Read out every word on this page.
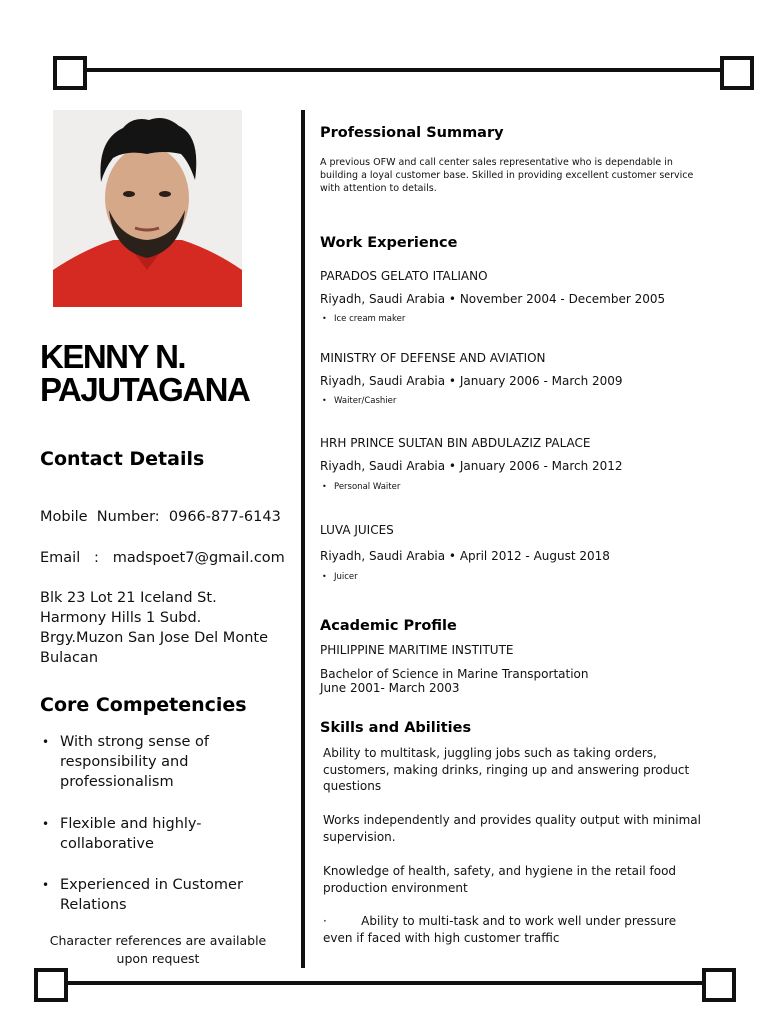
KENNY N.
PAJUTAGANA
Contact Details
Mobile  Number:  0966-877-6143
Email   :   madspoet7@gmail.com
Blk 23 Lot 21 Iceland St.
Harmony Hills 1 Subd.
Brgy.Muzon San Jose Del Monte
Bulacan
Core Competencies
• With strong sense of responsibility and professionalism
• Flexible and highly-collaborative
• Experienced in Customer Relations
Character references are available upon request
Professional Summary
A previous OFW and call center sales representative who is dependable in building a loyal customer base. Skilled in providing excellent customer service with attention to details.
Work Experience
PARADOS GELATO ITALIANO
Riyadh, Saudi Arabia • November 2004 - December 2005
• Ice cream maker
MINISTRY OF DEFENSE AND AVIATION
Riyadh, Saudi Arabia • January 2006 - March 2009
• Waiter/Cashier
HRH PRINCE SULTAN BIN ABDULAZIZ PALACE
Riyadh, Saudi Arabia • January 2006 - March 2012
• Personal Waiter
LUVA JUICES
Riyadh, Saudi Arabia • April 2012 - August 2018
• Juicer
Academic Profile
PHILIPPINE MARITIME INSTITUTE
Bachelor of Science in Marine Transportation
June 2001- March 2003
Skills and Abilities
Ability to multitask, juggling jobs such as taking orders, customers, making drinks, ringing up and answering product questions
Works independently and provides quality output with minimal supervision.
Knowledge of health, safety, and hygiene in the retail food production environment
·         Ability to multi-task and to work well under pressure even if faced with high customer traffic
